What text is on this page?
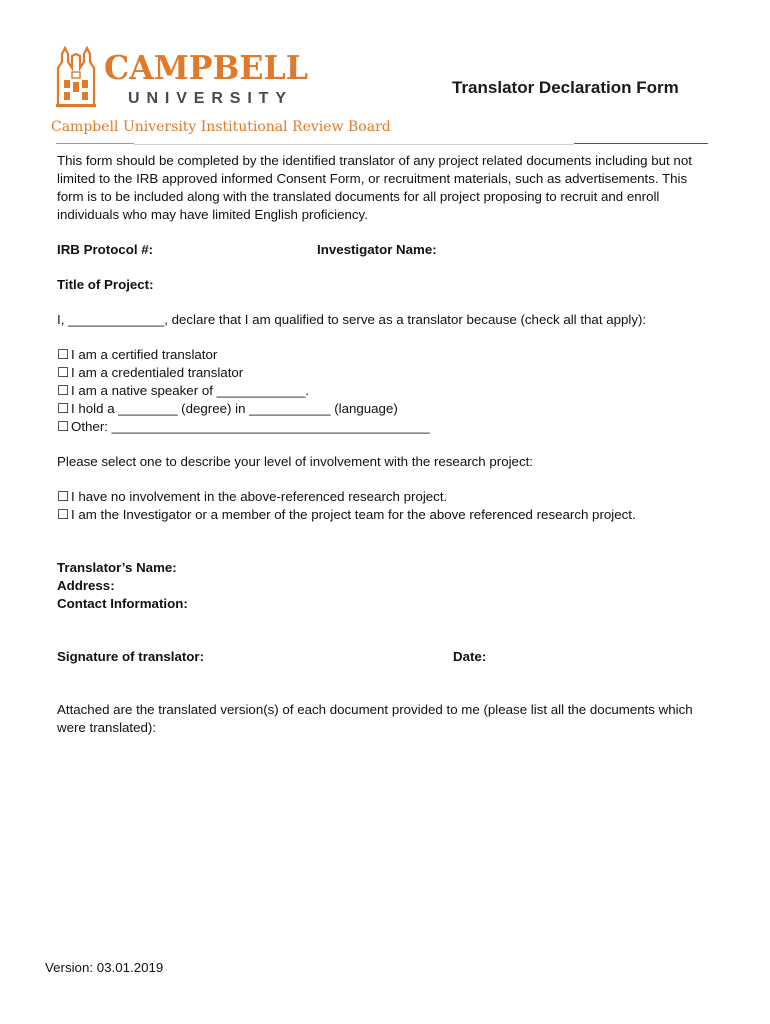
CAMPBELL
UNIVERSITY
Translator Declaration Form
Campbell University Institutional Review Board

This form should be completed by the identified translator of any project related documents including but not limited to the IRB approved informed Consent Form, or recruitment materials, such as advertisements. This form is to be included along with the translated documents for all project proposing to recruit and enroll individuals who may have limited English proficiency.

IRB Protocol #:	Investigator Name:
Title of Project:
I, _____________, declare that I am qualified to serve as a translator because (check all that apply):
☐ I am a certified translator
☐ I am a credentialed translator
☐ I am a native speaker of ____________.
☐ I hold a ________ (degree) in ___________ (language)
☐ Other: ___________________________________________
Please select one to describe your level of involvement with the research project:
☐ I have no involvement in the above-referenced research project.
☐ I am the Investigator or a member of the project team for the above referenced research project.
Translator’s Name:
Address:
Contact Information:
Signature of translator:	Date:

Attached are the translated version(s) of each document provided to me (please list all the documents which were translated):

Version: 03.01.2019
